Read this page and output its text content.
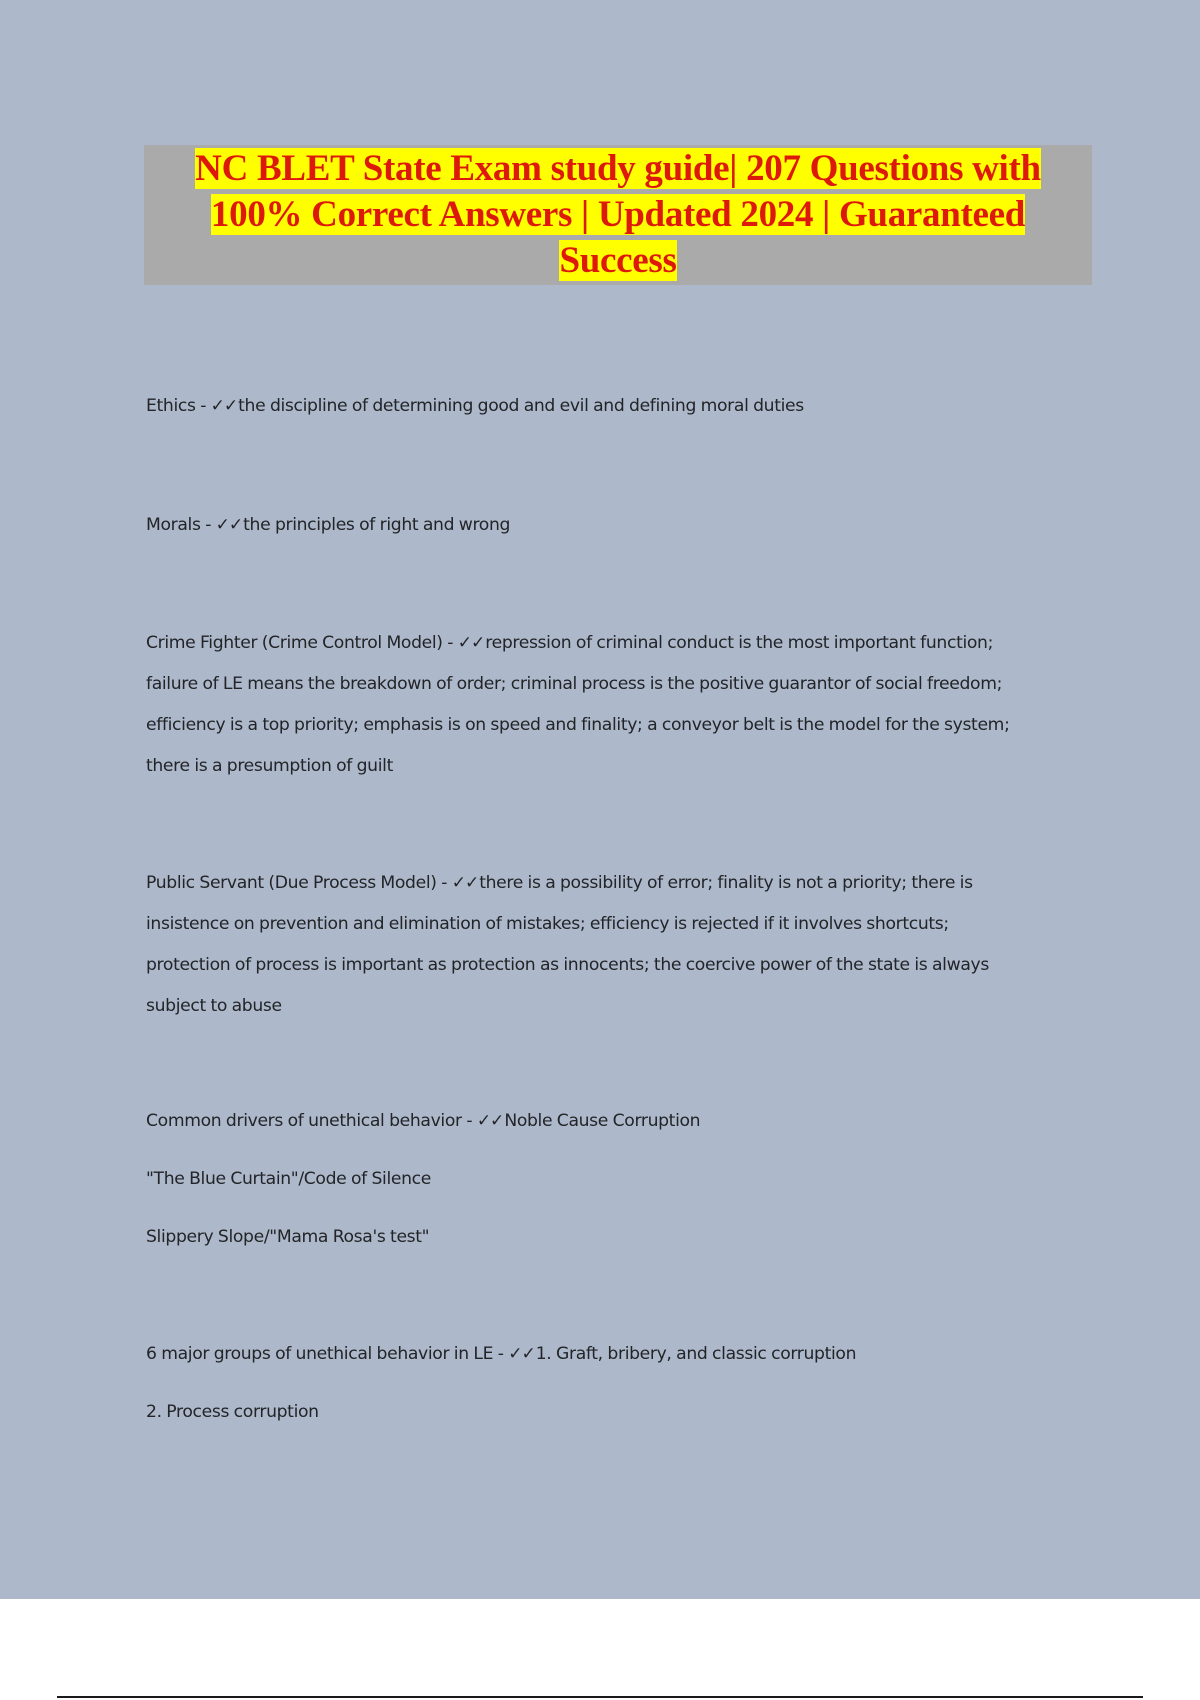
NC BLET State Exam study guide| 207 Questions with
100% Correct Answers | Updated 2024 | Guaranteed
Success

Ethics - ✓✓the discipline of determining good and evil and defining moral duties

Morals - ✓✓the principles of right and wrong

Crime Fighter (Crime Control Model) - ✓✓repression of criminal conduct is the most important function;
failure of LE means the breakdown of order; criminal process is the positive guarantor of social freedom;
efficiency is a top priority; emphasis is on speed and finality; a conveyor belt is the model for the system;
there is a presumption of guilt

Public Servant (Due Process Model) - ✓✓there is a possibility of error; finality is not a priority; there is
insistence on prevention and elimination of mistakes; efficiency is rejected if it involves shortcuts;
protection of process is important as protection as innocents; the coercive power of the state is always
subject to abuse

Common drivers of unethical behavior - ✓✓Noble Cause Corruption
"The Blue Curtain"/Code of Silence
Slippery Slope/"Mama Rosa's test"

6 major groups of unethical behavior in LE - ✓✓1. Graft, bribery, and classic corruption
2. Process corruption
